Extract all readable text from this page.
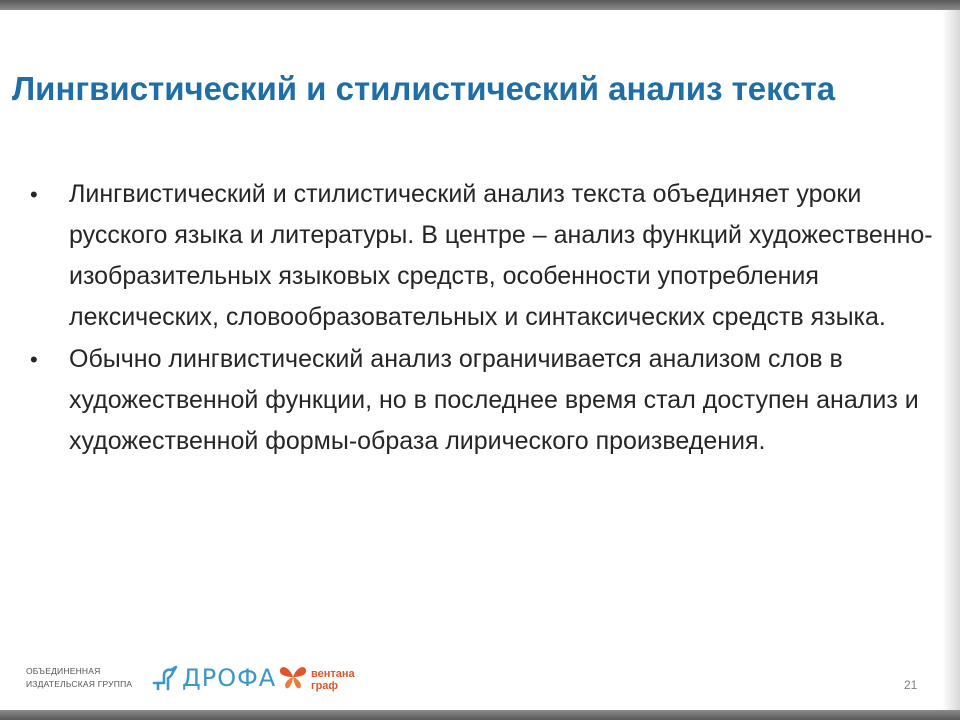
Лингвистический и стилистический анализ текста
• Лингвистический и стилистический анализ текста объединяет уроки русского языка и литературы. В центре – анализ функций художественно-изобразительных языковых средств, особенности употребления лексических, словообразовательных и синтаксических средств языка.
• Обычно лингвистический анализ ограничивается анализом слов в художественной функции, но в последнее время стал доступен анализ и художественной формы-образа лирического произведения.
ОБЪЕДИНЕННАЯ
ИЗДАТЕЛЬСКАЯ ГРУППА ДРОФА	вентана
граф	21
